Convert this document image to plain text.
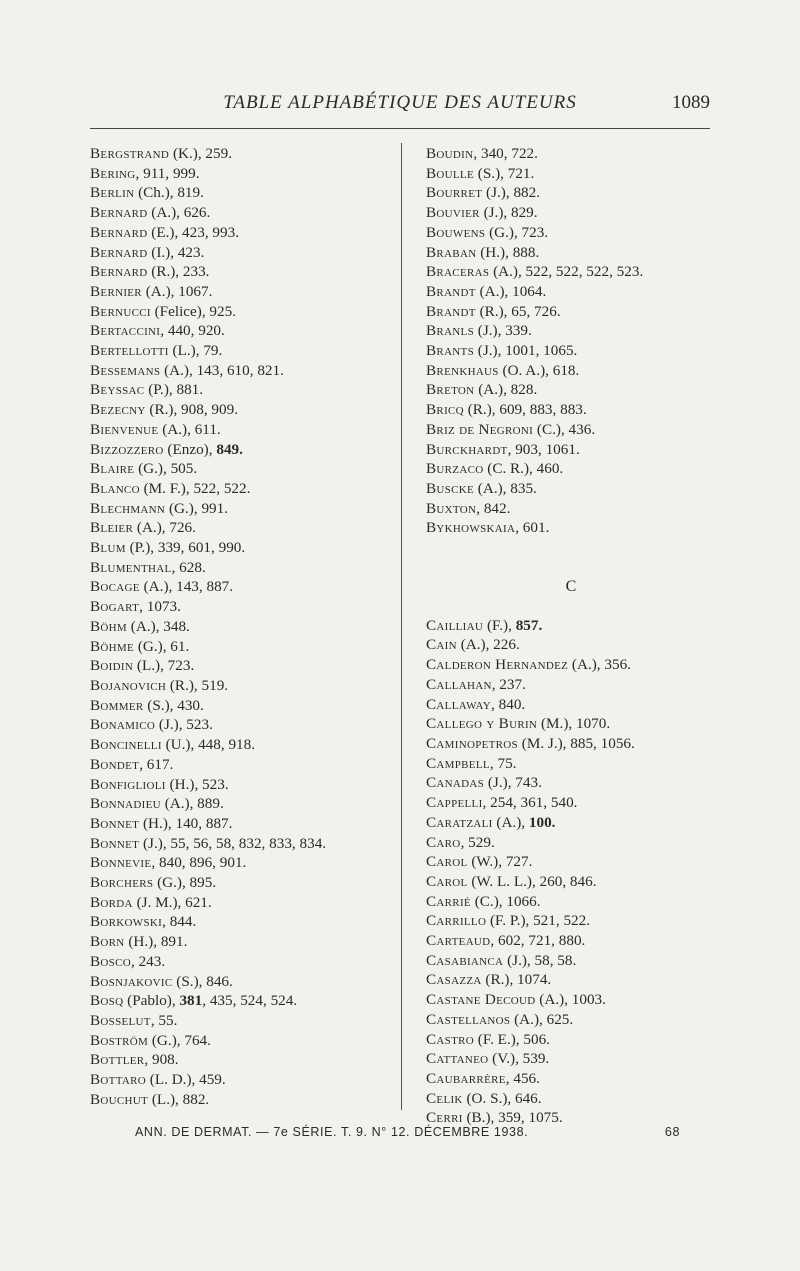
TABLE ALPHABÉTIQUE DES AUTEURS	1089
Bergstrand (K.), 259.
Bering, 911, 999.
Berlin (Ch.), 819.
Bernard (A.), 626.
Bernard (E.), 423, 993.
Bernard (I.), 423.
Bernard (R.), 233.
Bernier (A.), 1067.
Bernucci (Felice), 925.
Bertaccini, 440, 920.
Bertellotti (L.), 79.
Bessemans (A.), 143, 610, 821.
Beyssac (P.), 881.
Bezecny (R.), 908, 909.
Bienvenue (A.), 611.
Bizzozzero (Enzo), 849.
Blaire (G.), 505.
Blanco (M. F.), 522, 522.
Blechmann (G.), 991.
Bleier (A.), 726.
Blum (P.), 339, 601, 990.
Blumenthal, 628.
Bocage (A.), 143, 887.
Bogart, 1073.
Böhm (A.), 348.
Böhme (G.), 61.
Boidin (L.), 723.
Bojanovich (R.), 519.
Bommer (S.), 430.
Bonamico (J.), 523.
Boncinelli (U.), 448, 918.
Bondet, 617.
Bonfiglioli (H.), 523.
Bonnadieu (A.), 889.
Bonnet (H.), 140, 887.
Bonnet (J.), 55, 56, 58, 832, 833, 834.
Bonnevie, 840, 896, 901.
Borchers (G.), 895.
Borda (J. M.), 621.
Borkowski, 844.
Born (H.), 891.
Bosco, 243.
Bosnjakovic (S.), 846.
Bosq (Pablo), 381, 435, 524, 524.
Bosselut, 55.
Boström (G.), 764.
Bottler, 908.
Bottaro (L. D.), 459.
Bouchut (L.), 882.
Boudin, 340, 722.
Boulle (S.), 721.
Bourret (J.), 882.
Bouvier (J.), 829.
Bouwens (G.), 723.
Braban (H.), 888.
Braceras (A.), 522, 522, 522, 523.
Brandt (A.), 1064.
Brandt (R.), 65, 726.
Branls (J.), 339.
Brants (J.), 1001, 1065.
Brenkhaus (O. A.), 618.
Breton (A.), 828.
Bricq (R.), 609, 883, 883.
Briz de Negroni (C.), 436.
Burckhardt, 903, 1061.
Burzaco (C. R.), 460.
Buscke (A.), 835.
Buxton, 842.
Bykhowskaia, 601.
C
Cailliau (F.), 857.
Cain (A.), 226.
Calderon Hernandez (A.), 356.
Callahan, 237.
Callaway, 840.
Callego y Burin (M.), 1070.
Caminopetros (M. J.), 885, 1056.
Campbell, 75.
Canadas (J.), 743.
Cappelli, 254, 361, 540.
Caratzali (A.), 100.
Caro, 529.
Carol (W.), 727.
Carol (W. L. L.), 260, 846.
Carrié (C.), 1066.
Carrillo (F. P.), 521, 522.
Carteaud, 602, 721, 880.
Casabianca (J.), 58, 58.
Casazza (R.), 1074.
Castane Decoud (A.), 1003.
Castellanos (A.), 625.
Castro (F. E.), 506.
Cattaneo (V.), 539.
Caubarrère, 456.
Celik (O. S.), 646.
Cerri (B.), 359, 1075.
ANN. DE DERMAT. — 7e SÉRIE. T. 9. N° 12. DÉCEMBRE 1938.	68
